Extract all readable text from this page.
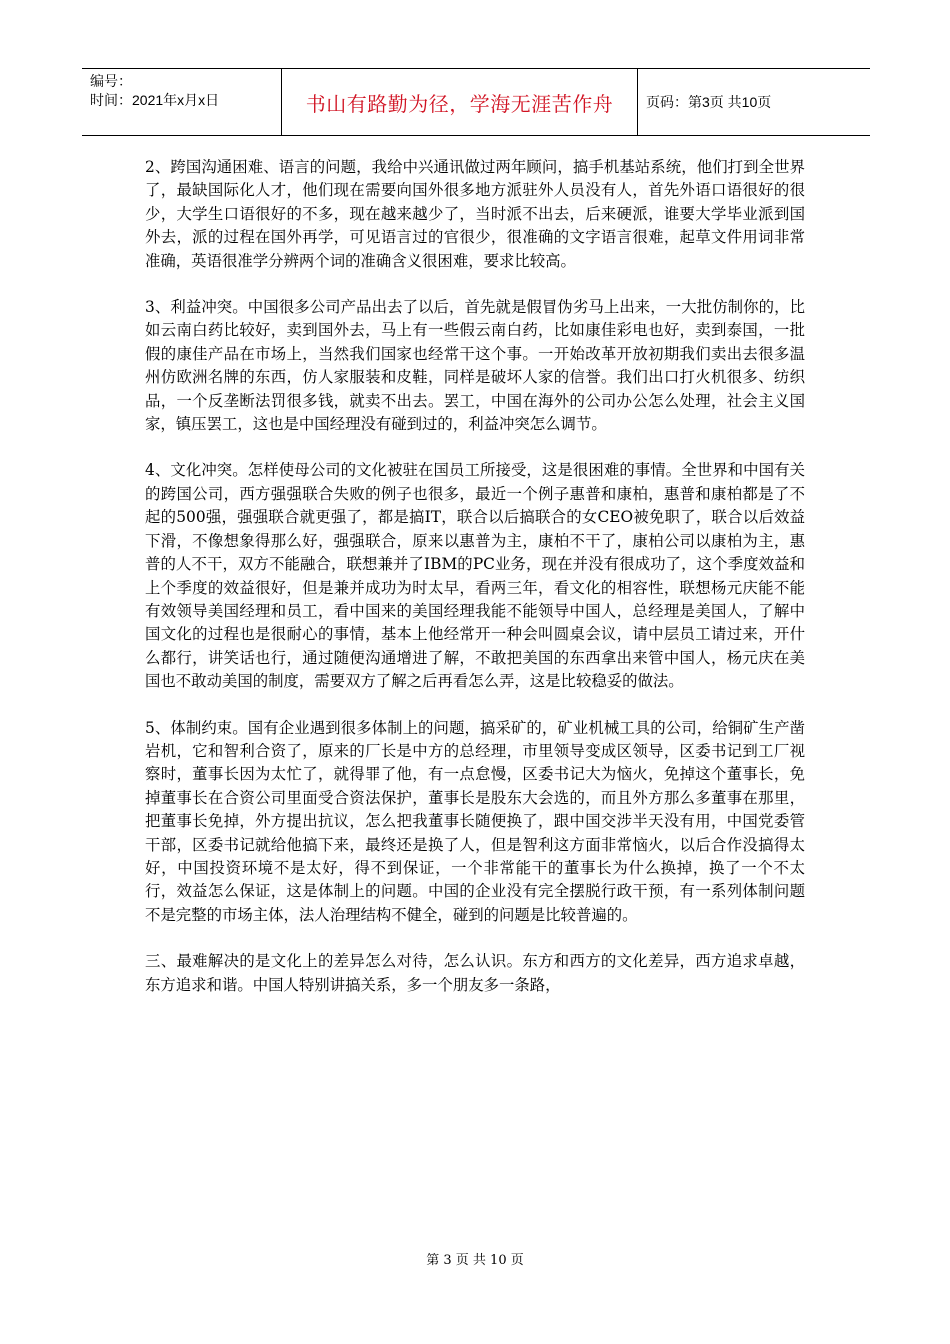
编号：
时间：2021年x月x日	书山有路勤为径，学海无涯苦作舟	页码：第3页 共10页

2、跨国沟通困难、语言的问题，我给中兴通讯做过两年顾问，搞手机基站系统，他们打到全世界了，最缺国际化人才，他们现在需要向国外很多地方派驻外人员没有人，首先外语口语很好的很少，大学生口语很好的不多，现在越来越少了，当时派不出去，后来硬派，谁要大学毕业派到国外去，派的过程在国外再学，可见语言过的官很少，很准确的文字语言很难，起草文件用词非常准确，英语很准学分辨两个词的准确含义很困难，要求比较高。

3、利益冲突。中国很多公司产品出去了以后，首先就是假冒伪劣马上出来，一大批仿制你的，比如云南白药比较好，卖到国外去，马上有一些假云南白药，比如康佳彩电也好，卖到泰国，一批假的康佳产品在市场上，当然我们国家也经常干这个事。一开始改革开放初期我们卖出去很多温州仿欧洲名牌的东西，仿人家服装和皮鞋，同样是破坏人家的信誉。我们出口打火机很多、纺织品，一个反垄断法罚很多钱，就卖不出去。罢工，中国在海外的公司办公怎么处理，社会主义国家，镇压罢工，这也是中国经理没有碰到过的，利益冲突怎么调节。

4、文化冲突。怎样使母公司的文化被驻在国员工所接受，这是很困难的事情。全世界和中国有关的跨国公司，西方强强联合失败的例子也很多，最近一个例子惠普和康柏，惠普和康柏都是了不起的500强，强强联合就更强了，都是搞IT，联合以后搞联合的女CEO被免职了，联合以后效益下滑，不像想象得那么好，强强联合，原来以惠普为主，康柏不干了，康柏公司以康柏为主，惠普的人不干，双方不能融合，联想兼并了IBM的PC业务，现在并没有很成功了，这个季度效益和上个季度的效益很好，但是兼并成功为时太早，看两三年，看文化的相容性，联想杨元庆能不能有效领导美国经理和员工，看中国来的美国经理我能不能领导中国人，总经理是美国人，了解中国文化的过程也是很耐心的事情，基本上他经常开一种会叫圆桌会议，请中层员工请过来，开什么都行，讲笑话也行，通过随便沟通增进了解，不敢把美国的东西拿出来管中国人，杨元庆在美国也不敢动美国的制度，需要双方了解之后再看怎么弄，这是比较稳妥的做法。

5、体制约束。国有企业遇到很多体制上的问题，搞采矿的，矿业机械工具的公司，给铜矿生产凿岩机，它和智利合资了，原来的厂长是中方的总经理，市里领导变成区领导，区委书记到工厂视察时，董事长因为太忙了，就得罪了他，有一点怠慢，区委书记大为恼火，免掉这个董事长，免掉董事长在合资公司里面受合资法保护，董事长是股东大会选的，而且外方那么多董事在那里，把董事长免掉，外方提出抗议，怎么把我董事长随便换了，跟中国交涉半天没有用，中国党委管干部，区委书记就给他搞下来，最终还是换了人，但是智利这方面非常恼火，以后合作没搞得太好，中国投资环境不是太好，得不到保证，一个非常能干的董事长为什么换掉，换了一个不太行，效益怎么保证，这是体制上的问题。中国的企业没有完全摆脱行政干预，有一系列体制问题不是完整的市场主体，法人治理结构不健全，碰到的问题是比较普遍的。

三、最难解决的是文化上的差异怎么对待，怎么认识。东方和西方的文化差异，西方追求卓越，东方追求和谐。中国人特别讲搞关系，多一个朋友多一条路，

第 3 页 共 10 页
